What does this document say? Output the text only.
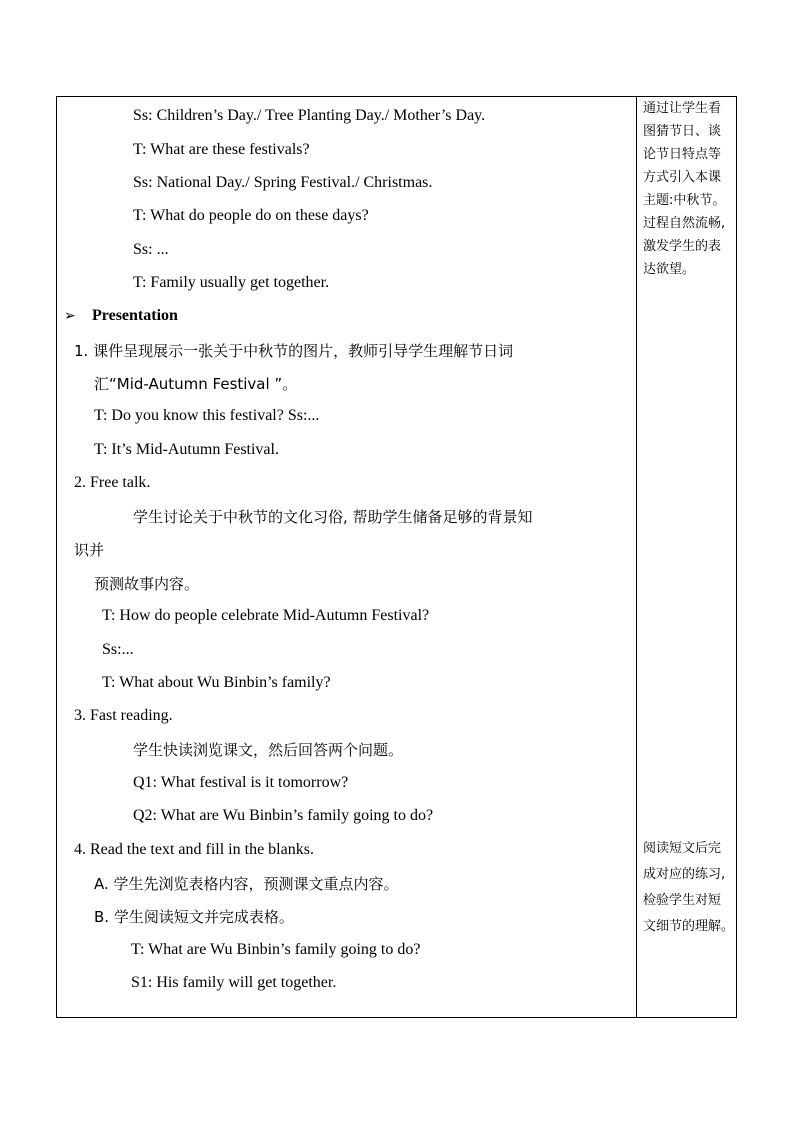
Ss: Children’s Day./ Tree Planting Day./ Mother’s Day.
T: What are these festivals?
Ss: National Day./ Spring Festival./ Christmas.
T: What do people do on these days?
Ss: ...
T: Family usually get together.
➢ Presentation
1. 课件呈现展示一张关于中秋节的图片，教师引导学生理解节日词
汇“Mid-Autumn Festival ”。
T: Do you know this festival? Ss:...
T: It’s Mid-Autumn Festival.
2. Free talk.
学生讨论关于中秋节的文化习俗, 帮助学生储备足够的背景知
识并
预测故事内容。
T: How do people celebrate Mid-Autumn Festival?
Ss:...
T: What about Wu Binbin’s family?
3. Fast reading.
学生快读浏览课文，然后回答两个问题。
Q1: What festival is it tomorrow?
Q2: What are Wu Binbin’s family going to do?
4. Read the text and fill in the blanks.
A. 学生先浏览表格内容，预测课文重点内容。
B. 学生阅读短文并完成表格。
T: What are Wu Binbin’s family going to do?
S1: His family will get together.
通过让学生看
图猜节日、谈
论节日特点等
方式引入本课
主题:中秋节。
过程自然流畅,
激发学生的表
达欲望。
阅读短文后完
成对应的练习,
检验学生对短
文细节的理解。
